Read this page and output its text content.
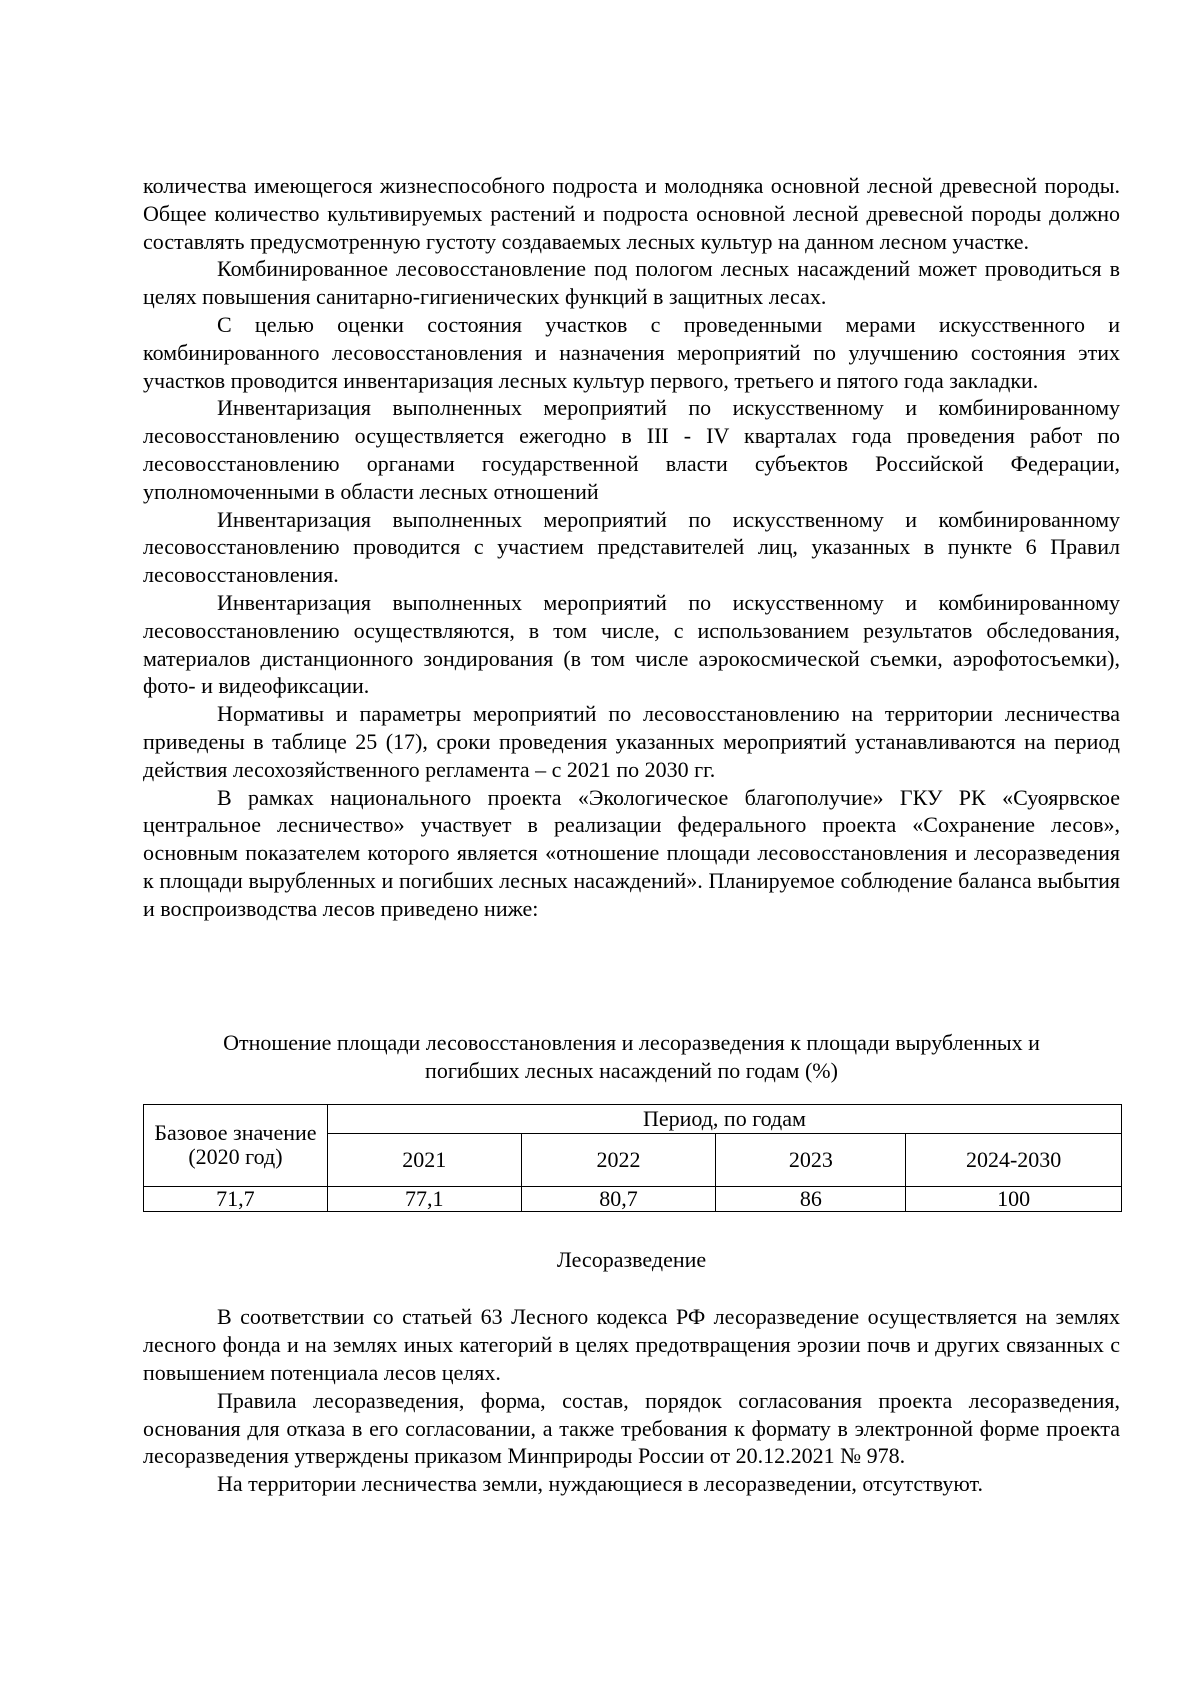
количества имеющегося жизнеспособного подроста и молодняка основной лесной древесной породы. Общее количество культивируемых растений и подроста основной лесной древесной породы должно составлять предусмотренную густоту создаваемых лесных культур на данном лесном участке.

Комбинированное лесовосстановление под пологом лесных насаждений может проводиться в целях повышения санитарно-гигиенических функций в защитных лесах.

С целью оценки состояния участков с проведенными мерами искусственного и комбинированного лесовосстановления и назначения мероприятий по улучшению состояния этих участков проводится инвентаризация лесных культур первого, третьего и пятого года закладки.

Инвентаризация выполненных мероприятий по искусственному и комбинированному лесовосстановлению осуществляется ежегодно в III - IV кварталах года проведения работ по лесовосстановлению органами государственной власти субъектов Российской Федерации, уполномоченными в области лесных отношений

Инвентаризация выполненных мероприятий по искусственному и комбинированному лесовосстановлению проводится с участием представителей лиц, указанных в пункте 6 Правил лесовосстановления.

Инвентаризация выполненных мероприятий по искусственному и комбинированному лесовосстановлению осуществляются, в том числе, с использованием результатов обследования, материалов дистанционного зондирования (в том числе аэрокосмической съемки, аэрофотосъемки), фото- и видеофиксации.

Нормативы и параметры мероприятий по лесовосстановлению на территории лесничества приведены в таблице 25 (17), сроки проведения указанных мероприятий устанавливаются на период действия лесохозяйственного регламента – с 2021 по 2030 гг.

В рамках национального проекта «Экологическое благополучие» ГКУ РК «Суоярвское центральное лесничество» участвует в реализации федерального проекта «Сохранение лесов», основным показателем которого является «отношение площади лесовосстановления и лесоразведения к площади вырубленных и погибших лесных насаждений». Планируемое соблюдение баланса выбытия и воспроизводства лесов приведено ниже:

Отношение площади лесовосстановления и лесоразведения к площади вырубленных и

погибших лесных насаждений по годам (%)

Базовое значение (2020 год)	Период, по годам			
	2021	2022	2023	2024-2030
71,7	77,1	80,7	86	100

Лесоразведение

В соответствии со статьей 63 Лесного кодекса РФ лесоразведение осуществляется на землях лесного фонда и на землях иных категорий в целях предотвращения эрозии почв и других связанных с повышением потенциала лесов целях.

Правила лесоразведения, форма, состав, порядок согласования проекта лесоразведения, основания для отказа в его согласовании, а также требования к формату в электронной форме проекта лесоразведения утверждены приказом Минприроды России от 20.12.2021 № 978.

На территории лесничества земли, нуждающиеся в лесоразведении, отсутствуют.
